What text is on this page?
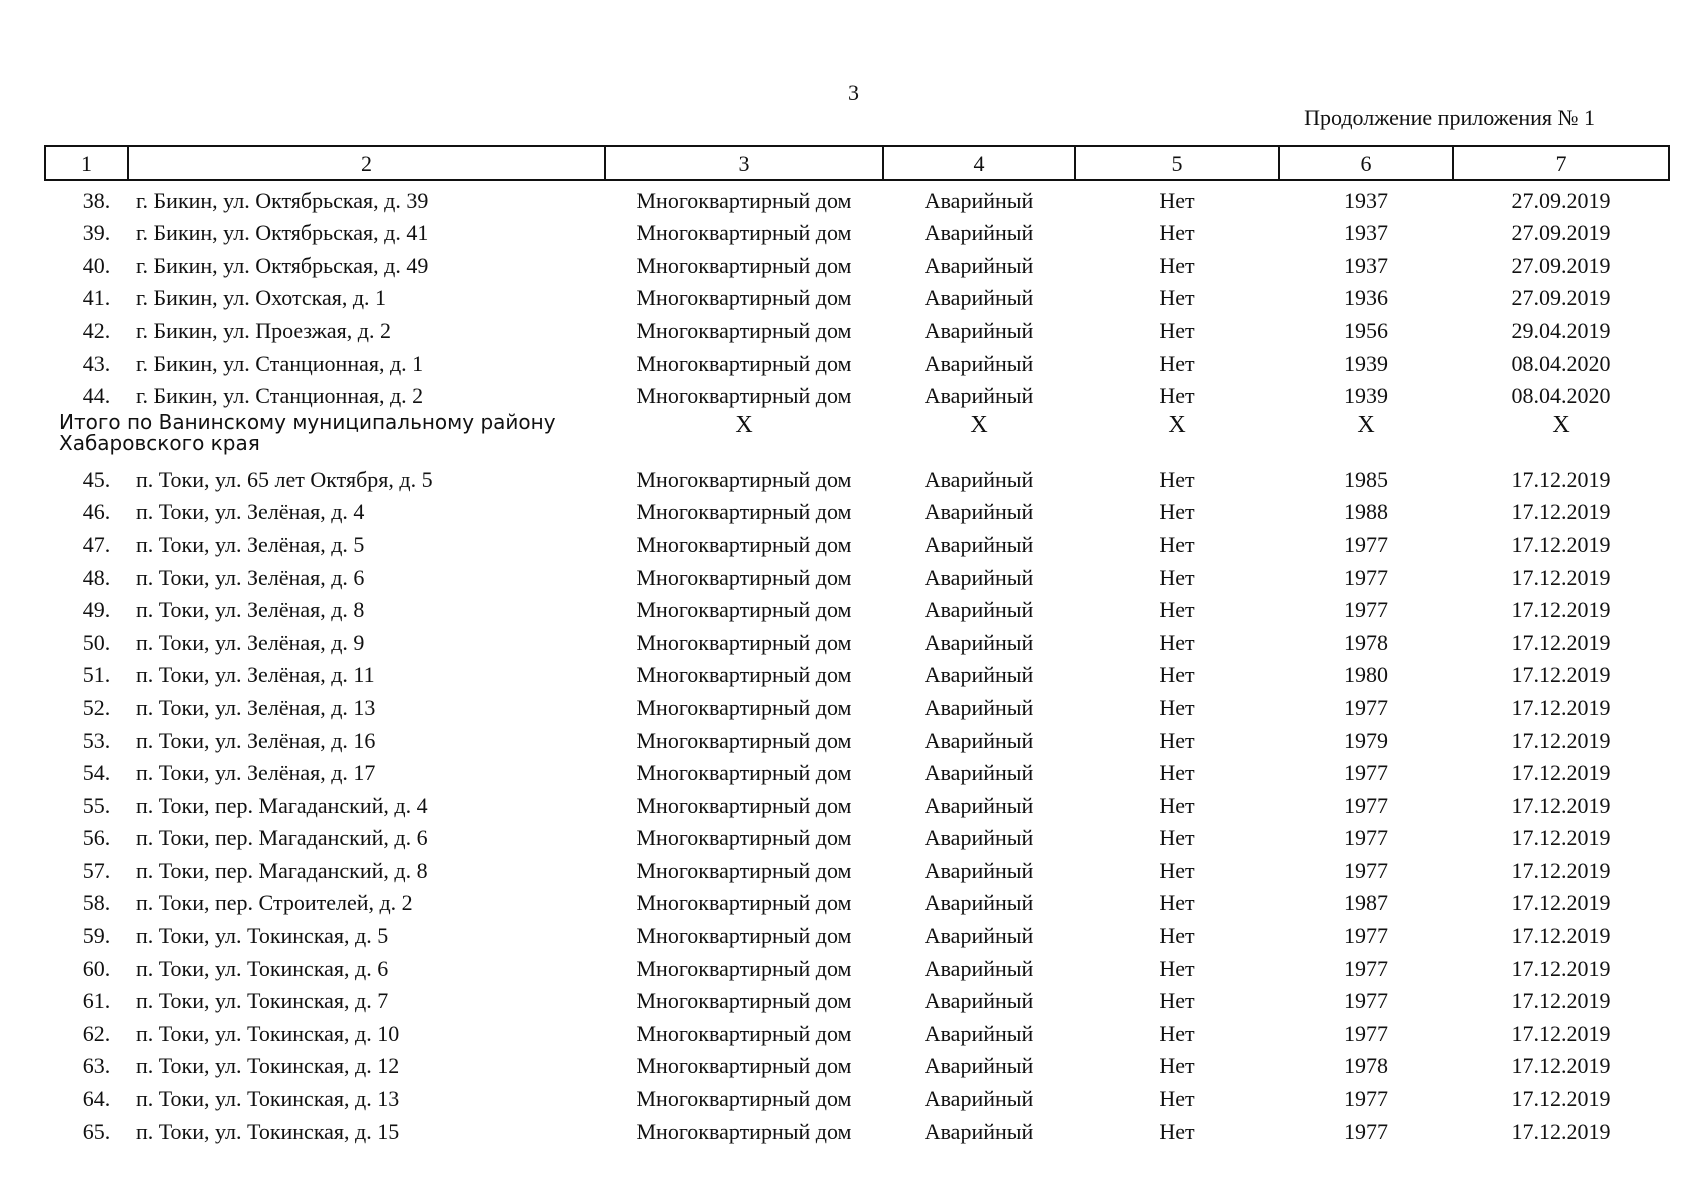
3
Продолжение приложения № 1
1	2	3	4	5	6	7
38.	г. Бикин, ул. Октябрьская, д. 39	Многоквартирный дом	Аварийный	Нет	1937	27.09.2019
39.	г. Бикин, ул. Октябрьская, д. 41	Многоквартирный дом	Аварийный	Нет	1937	27.09.2019
40.	г. Бикин, ул. Октябрьская, д. 49	Многоквартирный дом	Аварийный	Нет	1937	27.09.2019
41.	г. Бикин, ул. Охотская, д. 1	Многоквартирный дом	Аварийный	Нет	1936	27.09.2019
42.	г. Бикин, ул. Проезжая, д. 2	Многоквартирный дом	Аварийный	Нет	1956	29.04.2019
43.	г. Бикин, ул. Станционная, д. 1	Многоквартирный дом	Аварийный	Нет	1939	08.04.2020
44.	г. Бикин, ул. Станционная, д. 2	Многоквартирный дом	Аварийный	Нет	1939	08.04.2020
Итого по Ванинскому муниципальному району Хабаровского края		X	X	X	X	X
45.	п. Токи, ул. 65 лет Октября, д. 5	Многоквартирный дом	Аварийный	Нет	1985	17.12.2019
46.	п. Токи, ул. Зелёная, д. 4	Многоквартирный дом	Аварийный	Нет	1988	17.12.2019
47.	п. Токи, ул. Зелёная, д. 5	Многоквартирный дом	Аварийный	Нет	1977	17.12.2019
48.	п. Токи, ул. Зелёная, д. 6	Многоквартирный дом	Аварийный	Нет	1977	17.12.2019
49.	п. Токи, ул. Зелёная, д. 8	Многоквартирный дом	Аварийный	Нет	1977	17.12.2019
50.	п. Токи, ул. Зелёная, д. 9	Многоквартирный дом	Аварийный	Нет	1978	17.12.2019
51.	п. Токи, ул. Зелёная, д. 11	Многоквартирный дом	Аварийный	Нет	1980	17.12.2019
52.	п. Токи, ул. Зелёная, д. 13	Многоквартирный дом	Аварийный	Нет	1977	17.12.2019
53.	п. Токи, ул. Зелёная, д. 16	Многоквартирный дом	Аварийный	Нет	1979	17.12.2019
54.	п. Токи, ул. Зелёная, д. 17	Многоквартирный дом	Аварийный	Нет	1977	17.12.2019
55.	п. Токи, пер. Магаданский, д. 4	Многоквартирный дом	Аварийный	Нет	1977	17.12.2019
56.	п. Токи, пер. Магаданский, д. 6	Многоквартирный дом	Аварийный	Нет	1977	17.12.2019
57.	п. Токи, пер. Магаданский, д. 8	Многоквартирный дом	Аварийный	Нет	1977	17.12.2019
58.	п. Токи, пер. Строителей, д. 2	Многоквартирный дом	Аварийный	Нет	1987	17.12.2019
59.	п. Токи, ул. Токинская, д. 5	Многоквартирный дом	Аварийный	Нет	1977	17.12.2019
60.	п. Токи, ул. Токинская, д. 6	Многоквартирный дом	Аварийный	Нет	1977	17.12.2019
61.	п. Токи, ул. Токинская, д. 7	Многоквартирный дом	Аварийный	Нет	1977	17.12.2019
62.	п. Токи, ул. Токинская, д. 10	Многоквартирный дом	Аварийный	Нет	1977	17.12.2019
63.	п. Токи, ул. Токинская, д. 12	Многоквартирный дом	Аварийный	Нет	1978	17.12.2019
64.	п. Токи, ул. Токинская, д. 13	Многоквартирный дом	Аварийный	Нет	1977	17.12.2019
65.	п. Токи, ул. Токинская, д. 15	Многоквартирный дом	Аварийный	Нет	1977	17.12.2019
